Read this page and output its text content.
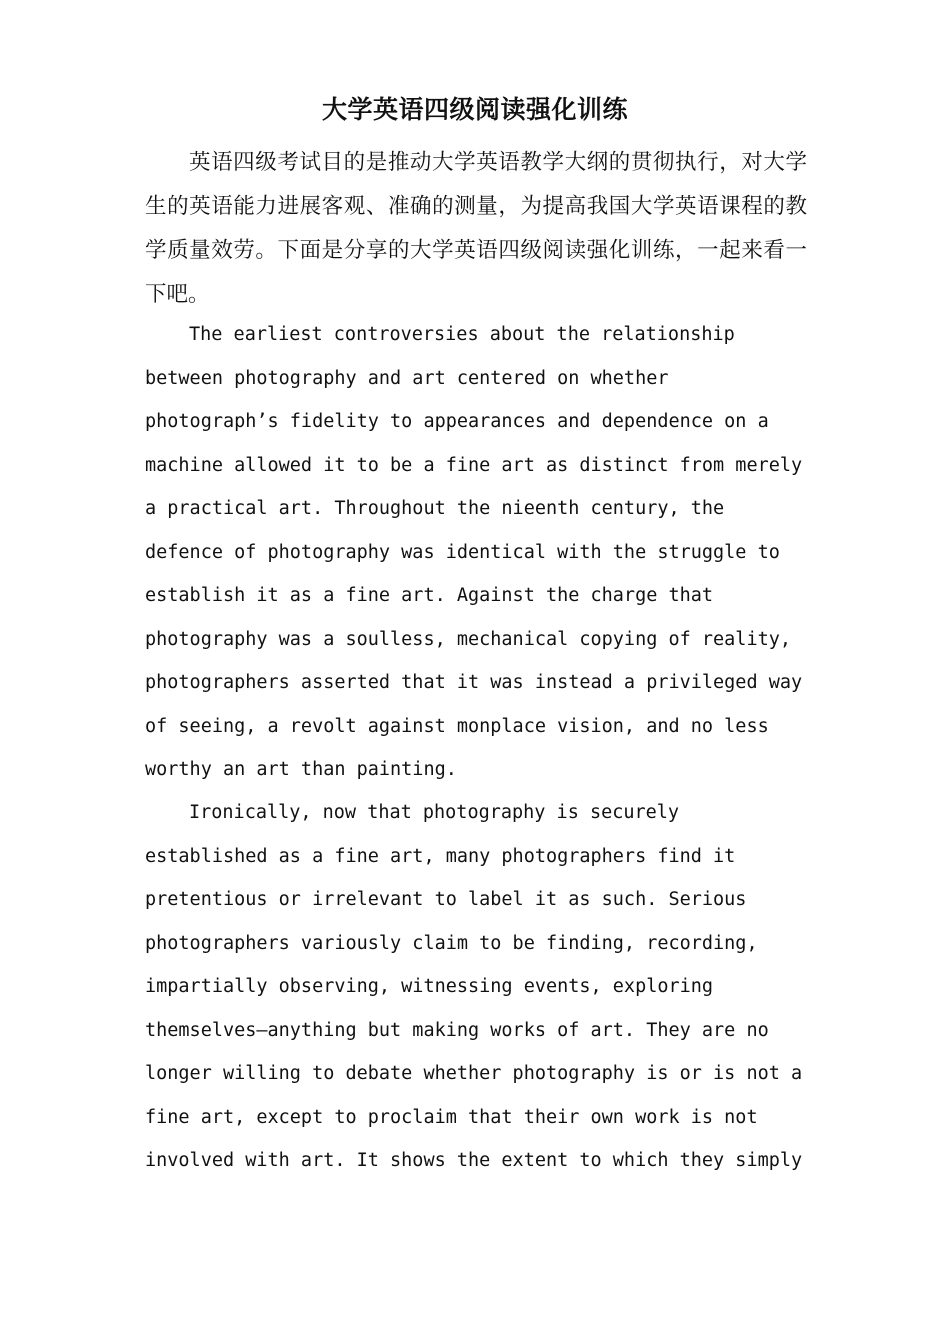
大学英语四级阅读强化训练

英语四级考试目的是推动大学英语教学大纲的贯彻执行，对大学生的英语能力进展客观、准确的测量，为提高我国大学英语课程的教学质量效劳。下面是分享的大学英语四级阅读强化训练，一起来看一下吧。

The earliest controversies about the relationship
between photography and art centered on whether
photograph’s fidelity to appearances and dependence on a
machine allowed it to be a fine art as distinct from merely
a practical art. Throughout the nieenth century, the
defence of photography was identical with the struggle to
establish it as a fine art. Against the charge that
photography was a soulless, mechanical copying of reality,
photographers asserted that it was instead a privileged way
of seeing, a revolt against monplace vision, and no less
worthy an art than painting.
Ironically, now that photography is securely
established as a fine art, many photographers find it
pretentious or irrelevant to label it as such. Serious
photographers variously claim to be finding, recording,
impartially observing, witnessing events, exploring
themselves—anything but making works of art. They are no
longer willing to debate whether photography is or is not a
fine art, except to proclaim that their own work is not
involved with art. It shows the extent to which they simply
